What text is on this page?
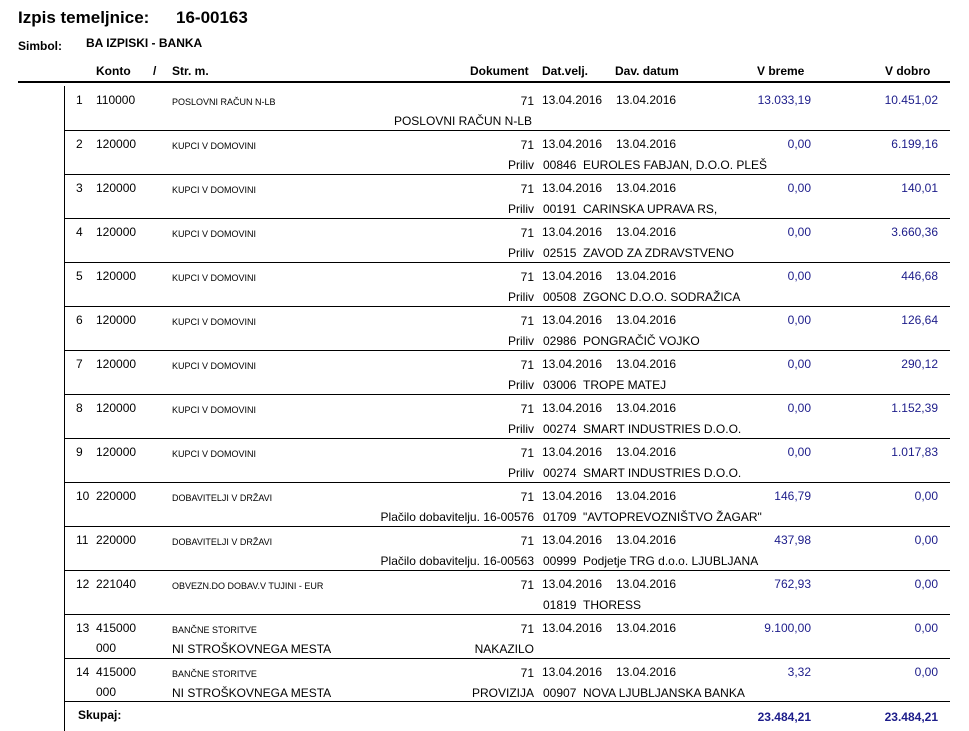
Izpis temeljnice: 16-00163
Simbol: BA IZPISKI - BANKA
Konto / Str. m.	Dokument Dat.velj. Dav. datum	V breme	V dobro
1 110000	POSLOVNI RAČUN N-LB	71 13.04.2016 13.04.2016	13.033,19	10.451,02
POSLOVNI RAČUN N-LB
2 120000	KUPCI V DOMOVINI	71 13.04.2016 13.04.2016	0,00	6.199,16
Priliv 00846 EUROLES FABJAN, D.O.O. PLEŠ
3 120000	KUPCI V DOMOVINI	71 13.04.2016 13.04.2016	0,00	140,01
Priliv 00191 CARINSKA UPRAVA RS,
4 120000	KUPCI V DOMOVINI	71 13.04.2016 13.04.2016	0,00	3.660,36
Priliv 02515 ZAVOD ZA ZDRAVSTVENO
5 120000	KUPCI V DOMOVINI	71 13.04.2016 13.04.2016	0,00	446,68
Priliv 00508 ZGONC D.O.O. SODRAŽICA
6 120000	KUPCI V DOMOVINI	71 13.04.2016 13.04.2016	0,00	126,64
Priliv 02986 PONGRAČIČ VOJKO
7 120000	KUPCI V DOMOVINI	71 13.04.2016 13.04.2016	0,00	290,12
Priliv 03006 TROPE MATEJ
8 120000	KUPCI V DOMOVINI	71 13.04.2016 13.04.2016	0,00	1.152,39
Priliv 00274 SMART INDUSTRIES D.O.O.
9 120000	KUPCI V DOMOVINI	71 13.04.2016 13.04.2016	0,00	1.017,83
Priliv 00274 SMART INDUSTRIES D.O.O.
10 220000	DOBAVITELJI V DRŽAVI	71 13.04.2016 13.04.2016	146,79	0,00
Plačilo dobavitelju. 16-00576 01709 "AVTOPREVOZNIŠTVO ŽAGAR"
11 220000	DOBAVITELJI V DRŽAVI	71 13.04.2016 13.04.2016	437,98	0,00
Plačilo dobavitelju. 16-00563 00999 Podjetje TRG d.o.o. LJUBLJANA
12 221040	OBVEZN.DO DOBAV.V TUJINI - EUR	71 13.04.2016 13.04.2016	762,93	0,00
01819 THORESS
13 415000	BANČNE STORITVE	71 13.04.2016 13.04.2016	9.100,00	0,00
000	NI STROŠKOVNEGA MESTA	NAKAZILO
14 415000	BANČNE STORITVE	71 13.04.2016 13.04.2016	3,32	0,00
000	NI STROŠKOVNEGA MESTA	PROVIZIJA 00907 NOVA LJUBLJANSKA BANKA
Skupaj:	23.484,21	23.484,21
